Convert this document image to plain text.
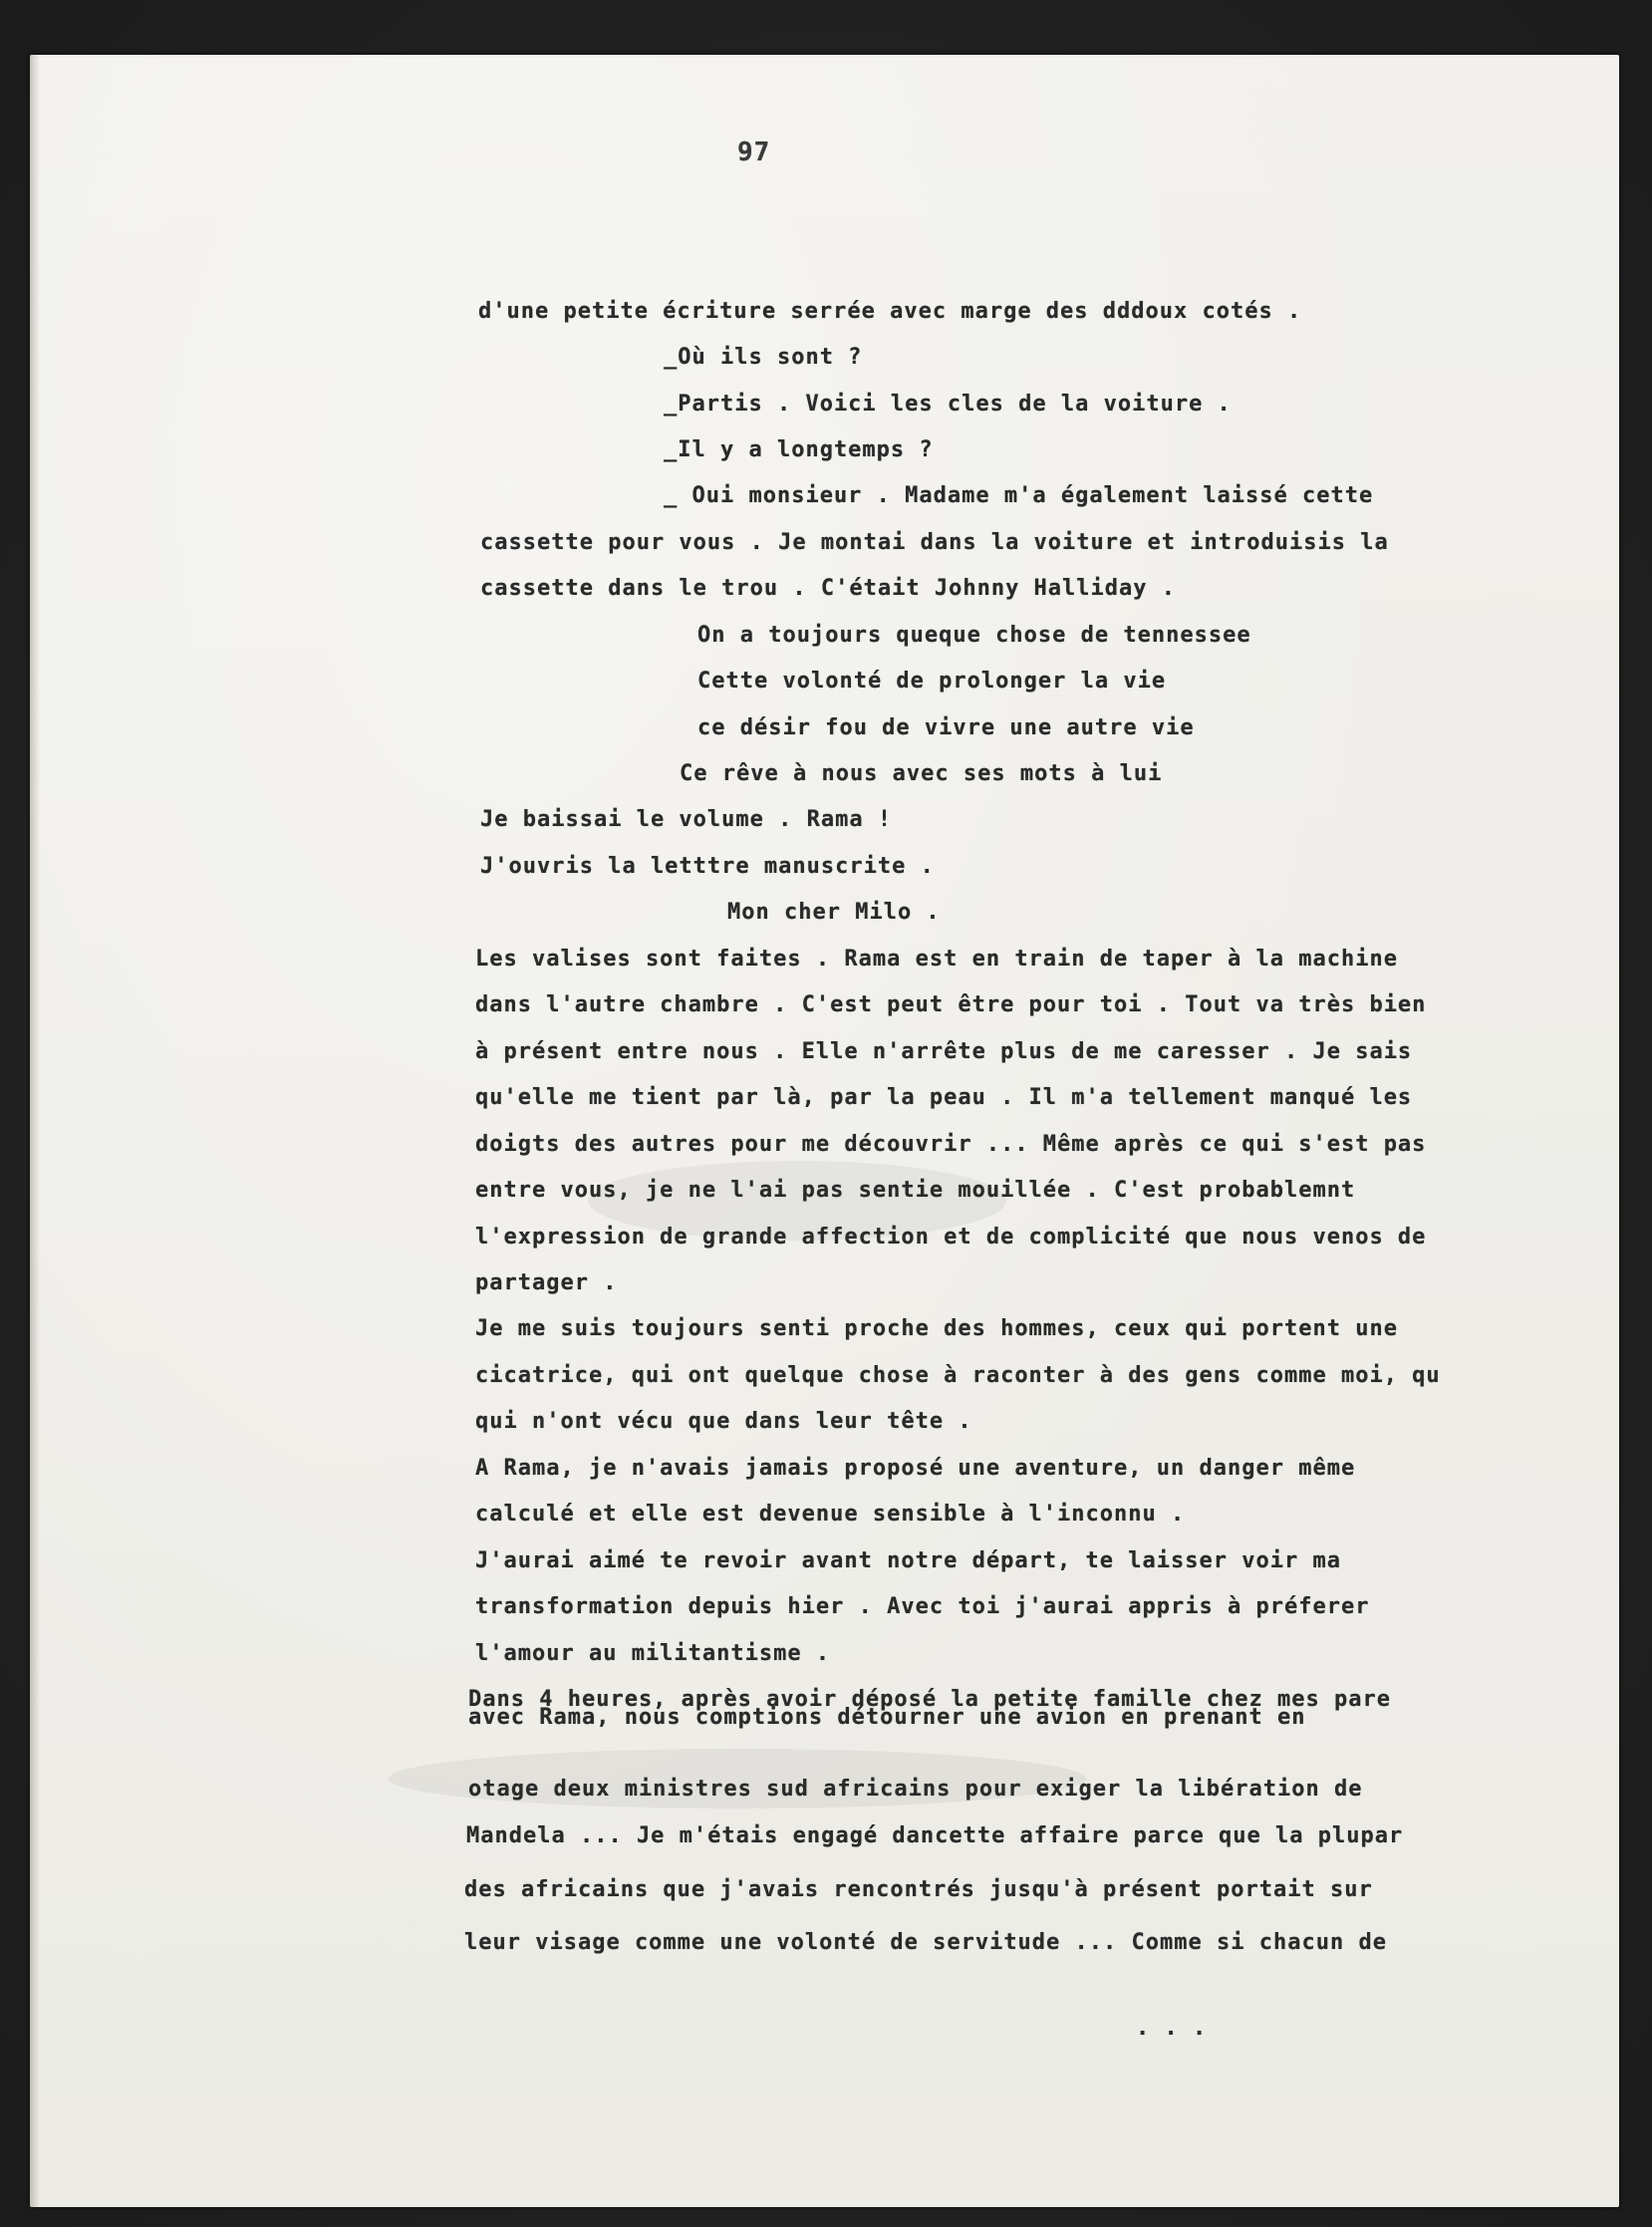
97

d'une petite écriture serrée avec marge des dddoux cotés .

_Où ils sont ?

_Partis . Voici les cles de la voiture .

_Il y a longtemps ?

_ Oui monsieur . Madame m'a également laissé cette

cassette pour vous . Je montai dans la voiture et introduisis la

cassette dans le trou . C'était Johnny Halliday .

On a toujours queque chose de tennessee

Cette volonté de prolonger la vie

ce désir fou de vivre une autre vie

Ce rêve à nous avec ses mots à lui

Je baissai le volume . Rama !

J'ouvris la letttre manuscrite .

Mon cher Milo .

Les valises sont faites . Rama est en train de taper à la machine

dans l'autre chambre . C'est peut être pour toi . Tout va très bien

à présent entre nous . Elle n'arrête plus de me caresser . Je sais

qu'elle me tient par là, par la peau . Il m'a tellement manqué les

doigts des autres pour me découvrir ... Même après ce qui s'est pas

entre vous, je ne l'ai pas sentie mouillée . C'est probablemnt

l'expression de grande affection et de complicité que nous venos de

partager .

Je me suis toujours senti proche des hommes, ceux qui portent une

cicatrice, qui ont quelque chose à raconter à des gens comme moi, qu

qui n'ont vécu que dans leur tête .

A Rama, je n'avais jamais proposé une aventure, un danger même

calculé et elle est devenue sensible à l'inconnu .

J'aurai aimé te revoir avant notre départ, te laisser voir ma

transformation depuis hier . Avec toi j'aurai appris à préferer

l'amour au militantisme .

Dans 4 heures, après avoir déposé la petite famille chez mes pare

avec Rama, nous comptions détourner une avion en prenant en

otage deux ministres sud africains pour exiger la libération de

Mandela ... Je m'étais engagé dancette affaire parce que la plupar

des africains que j'avais rencontrés jusqu'à présent portait sur

leur visage comme une volonté de servitude ... Comme si chacun de

. . .
